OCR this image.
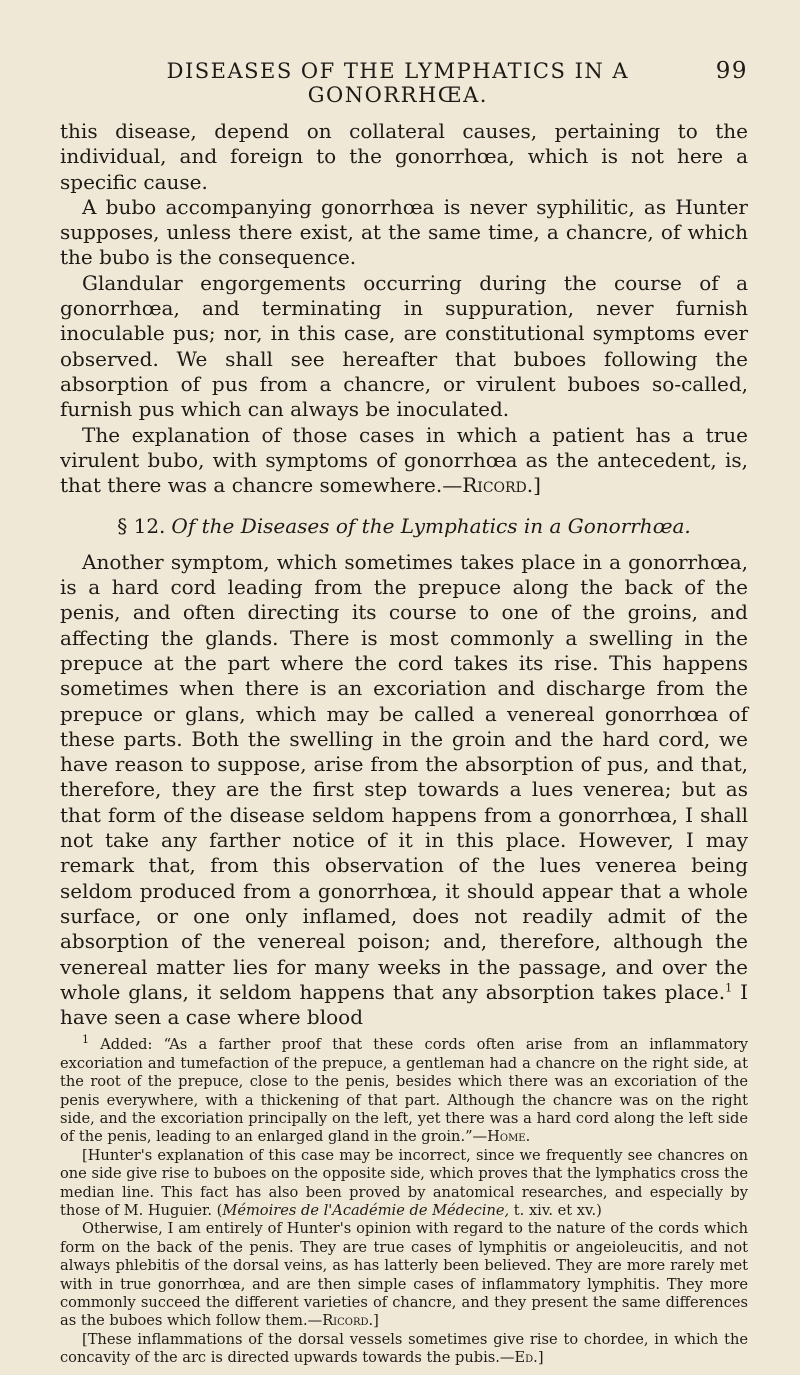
DISEASES OF THE LYMPHATICS IN A GONORRHŒA.
99

this disease, depend on collateral causes, pertaining to the individual, and foreign to the gonorrhœa, which is not here a specific cause.

A bubo accompanying gonorrhœa is never syphilitic, as Hunter supposes, unless there exist, at the same time, a chancre, of which the bubo is the consequence.

Glandular engorgements occurring during the course of a gonorrhœa, and terminating in suppuration, never furnish inoculable pus; nor, in this case, are constitutional symptoms ever observed. We shall see hereafter that buboes following the absorption of pus from a chancre, or virulent buboes so-called, furnish pus which can always be inoculated.

The explanation of those cases in which a patient has a true virulent bubo, with symptoms of gonorrhœa as the antecedent, is, that there was a chancre somewhere.—Ricord.]

§ 12. Of the Diseases of the Lymphatics in a Gonorrhœa.

Another symptom, which sometimes takes place in a gonorrhœa, is a hard cord leading from the prepuce along the back of the penis, and often directing its course to one of the groins, and affecting the glands. There is most commonly a swelling in the prepuce at the part where the cord takes its rise. This happens sometimes when there is an excoriation and discharge from the prepuce or glans, which may be called a venereal gonorrhœa of these parts. Both the swelling in the groin and the hard cord, we have reason to suppose, arise from the absorption of pus, and that, therefore, they are the first step towards a lues venerea; but as that form of the disease seldom happens from a gonorrhœa, I shall not take any farther notice of it in this place. However, I may remark that, from this observation of the lues venerea being seldom produced from a gonorrhœa, it should appear that a whole surface, or one only inflamed, does not readily admit of the absorption of the venereal poison; and, therefore, although the venereal matter lies for many weeks in the passage, and over the whole glans, it seldom happens that any absorption takes place.$^1$ I have seen a case where blood

$^1$ Added: “As a farther proof that these cords often arise from an inflammatory excoriation and tumefaction of the prepuce, a gentleman had a chancre on the right side, at the root of the prepuce, close to the penis, besides which there was an excoriation of the penis everywhere, with a thickening of that part. Although the chancre was on the right side, and the excoriation principally on the left, yet there was a hard cord along the left side of the penis, leading to an enlarged gland in the groin.”—Home.

[Hunter's explanation of this case may be incorrect, since we frequently see chancres on one side give rise to buboes on the opposite side, which proves that the lymphatics cross the median line. This fact has also been proved by anatomical researches, and especially by those of M. Huguier. (Mémoires de l'Académie de Médecine, t. xiv. et xv.)

Otherwise, I am entirely of Hunter's opinion with regard to the nature of the cords which form on the back of the penis. They are true cases of lymphitis or angeioleucitis, and not always phlebitis of the dorsal veins, as has latterly been believed. They are more rarely met with in true gonorrhœa, and are then simple cases of inflammatory lymphitis. They more commonly succeed the different varieties of chancre, and they present the same differences as the buboes which follow them.—Ricord.]

[These inflammations of the dorsal vessels sometimes give rise to chordee, in which the concavity of the arc is directed upwards towards the pubis.—Ed.]
